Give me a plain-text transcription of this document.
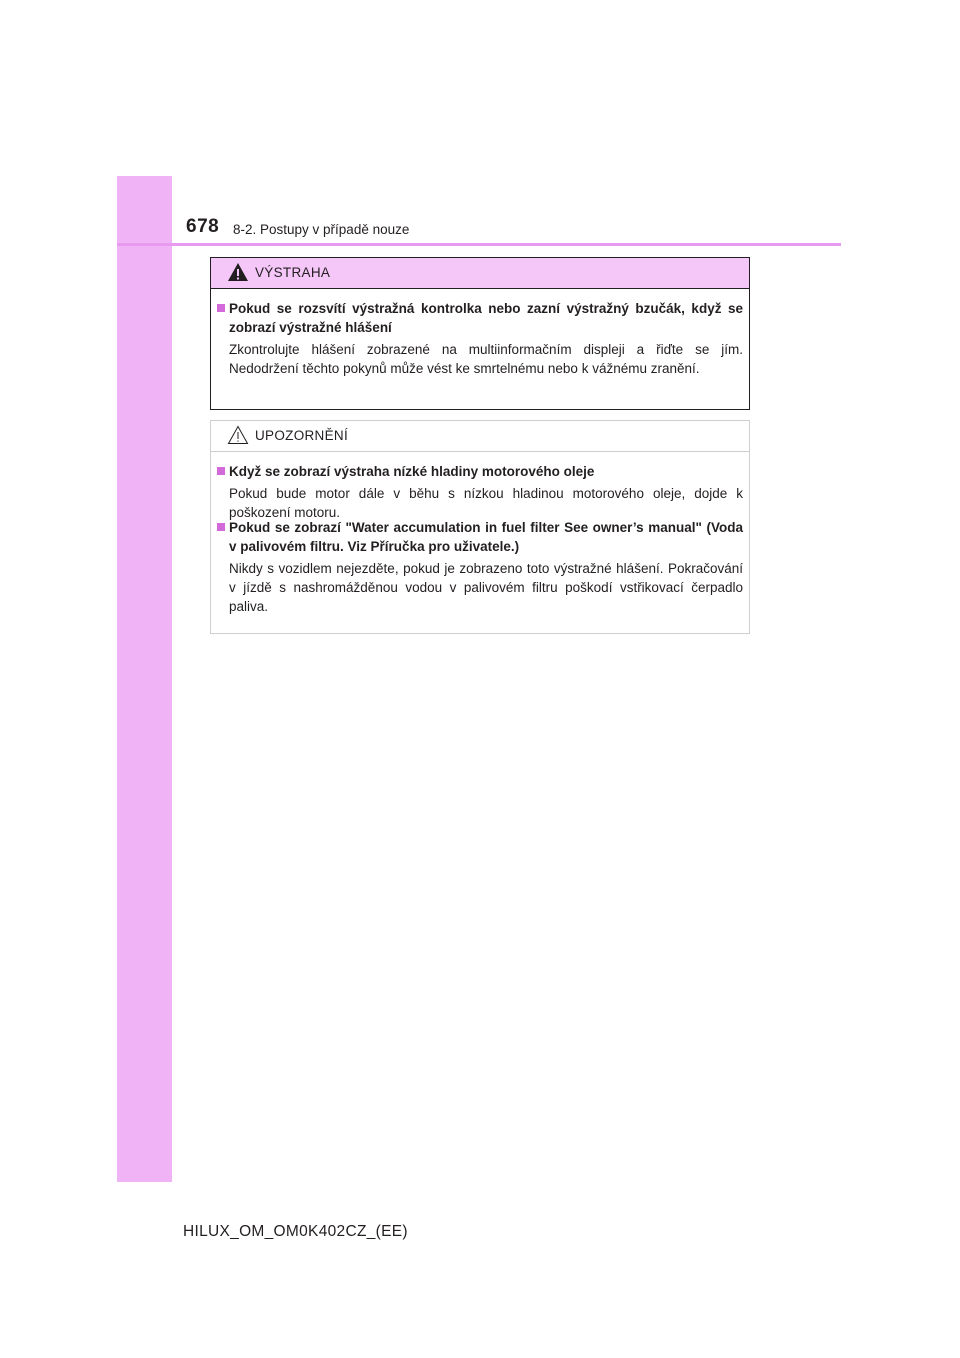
678 8-2. Postupy v případě nouze
VÝSTRAHA
Pokud se rozsvítí výstražná kontrolka nebo zazní výstražný bzučák, když se zobrazí výstražné hlášení
Zkontrolujte hlášení zobrazené na multiinformačním displeji a řiďte se jím. Nedodržení těchto pokynů může vést ke smrtelnému nebo k vážnému zranění.
UPOZORNĚNÍ
Když se zobrazí výstraha nízké hladiny motorového oleje
Pokud bude motor dále v běhu s nízkou hladinou motorového oleje, dojde k poškození motoru.
Pokud se zobrazí "Water accumulation in fuel filter See owner’s manual" (Voda v palivovém filtru. Viz Příručka pro uživatele.)
Nikdy s vozidlem nejezděte, pokud je zobrazeno toto výstražné hlášení. Pokračování v jízdě s nashromážděnou vodou v palivovém filtru poškodí vstřikovací čerpadlo paliva.
HILUX_OM_OM0K402CZ_(EE)
